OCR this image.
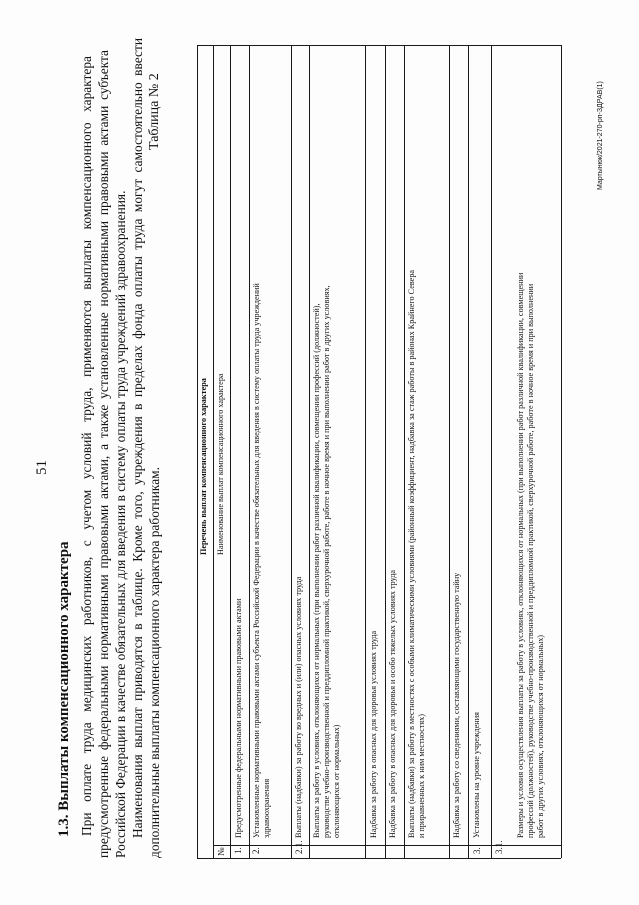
51
1.3. Выплаты компенсационного характера При оплате труда медицинских работников, с учетом условий труда, применяются выплаты компенсационного характера предусмотренные федеральными нормативными правовыми актами, а также установленные нормативными правовыми актами субъекта Российской Федерации в качестве обязательных для введения в систему оплаты труда учреждений здравоохранения. Наименования выплат приводятся в таблице. Кроме того, учреждения в пределах фонда оплаты труда могут самостоятельно ввести дополнительные выплаты компенсационного характера работникам.
Таблица № 2
Перечень выплат компенсационного характера
№
Наименование выплат компенсационного характера
1.
Предусмотренные федеральными нормативными правовыми актами
2.
Установленные нормативными правовыми актами субъекта Российской Федерации в качестве обязательных для введения в систему оплаты труда учреждений здравоохранения
2.1.
Выплаты (надбавки) за работу во вредных и (или) опасных условиях труда Выплаты за работу в условиях, отклоняющихся от нормальных (при выполнении работ различной квалификации, совмещении профессий (должностей), руководстве учебно-производственной и преддипломной практикой, сверхурочной работе, работе в ночное время и при выполнении работ в других условиях, отклоняющихся от нормальных)	Надбавка за работу в опасных для здоровья условиях труда Надбавка за работу в опасных для здоровья и особо тяжелых условиях труда Выплаты (надбавки) за работу в местностях с особыми климатическими условиями (районный коэффициент, надбавка за стаж работы в районах Крайнего Севера и приравненных к ним местностях)	Надбавка за работу со сведениями, составляющими государственную тайну
3.
Установлены на уровне учреждения
3.1.
Размеры и условия осуществления выплаты за работу в условиях, отклоняющихся от нормальных (при выполнении работ различной квалификации, совмещении профессий (должностей), руководстве учебно-производственной и преддипломной практикой, сверхурочной работе, работе в ночное время и при выполнении работ в других условиях, отклоняющихся от нормальных)
Мартынюк/2021-270-рп-ЗДРАВ(1)
